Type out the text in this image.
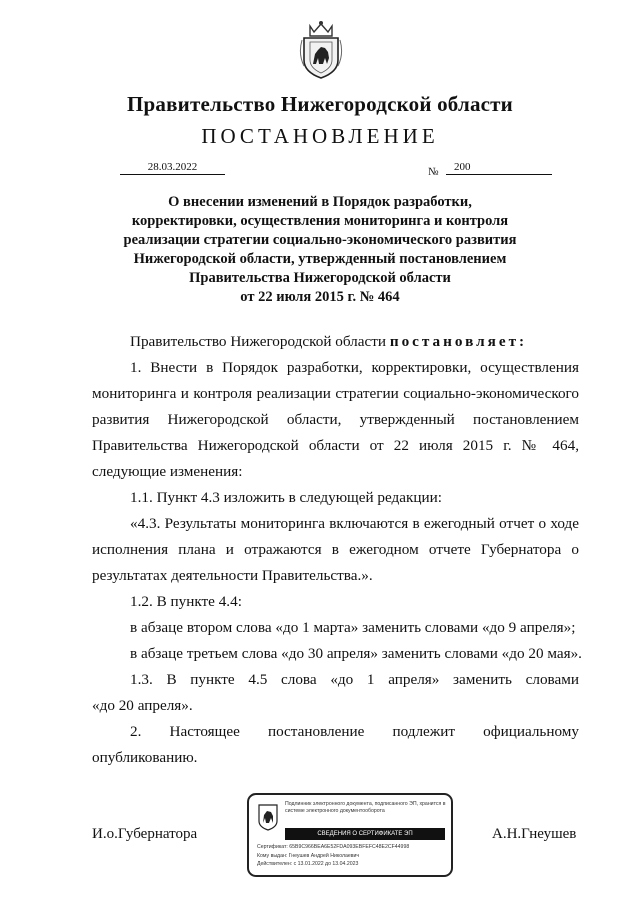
Правительство Нижегородской области
ПОСТАНОВЛЕНИЕ
28.03.2022	№	200
О внесении изменений в Порядок разработки,
корректировки, осуществления мониторинга и контроля
реализации стратегии социально-экономического развития
Нижегородской области, утвержденный постановлением
Правительства Нижегородской области
от 22 июля 2015 г. № 464
Правительство Нижегородской области постановляет:
1. Внести в Порядок разработки, корректировки, осуществления
мониторинга и контроля реализации стратегии социально-экономического
развития Нижегородской области, утвержденный постановлением
Правительства Нижегородской области от 22 июля 2015 г. № 464,
следующие изменения:
1.1. Пункт 4.3 изложить в следующей редакции:
«4.3. Результаты мониторинга включаются в ежегодный отчет о ходе
исполнения плана и отражаются в ежегодном отчете Губернатора о
результатах деятельности Правительства.».
1.2. В пункте 4.4:
в абзаце втором слова «до 1 марта» заменить словами «до 9 апреля»;
в абзаце третьем слова «до 30 апреля» заменить словами «до 20 мая».
1.3. В пункте 4.5 слова «до 1 апреля» заменить словами
«до 20 апреля».
2. Настоящее постановление подлежит официальному
опубликованию.
И.о.Губернатора	А.Н.Гнеушев
Подлинник электронного документа, подписанного ЭП, хранится в системе электронного документооборота
СВЕДЕНИЯ О СЕРТИФИКАТЕ ЭП
Сертификат: 65B9C966BEA6E52FDA093EBFEFC48E2CF44998
Кому выдан: Гнеушев Андрей Николаевич
Действителен: с 13.01.2022 до 13.04.2023
